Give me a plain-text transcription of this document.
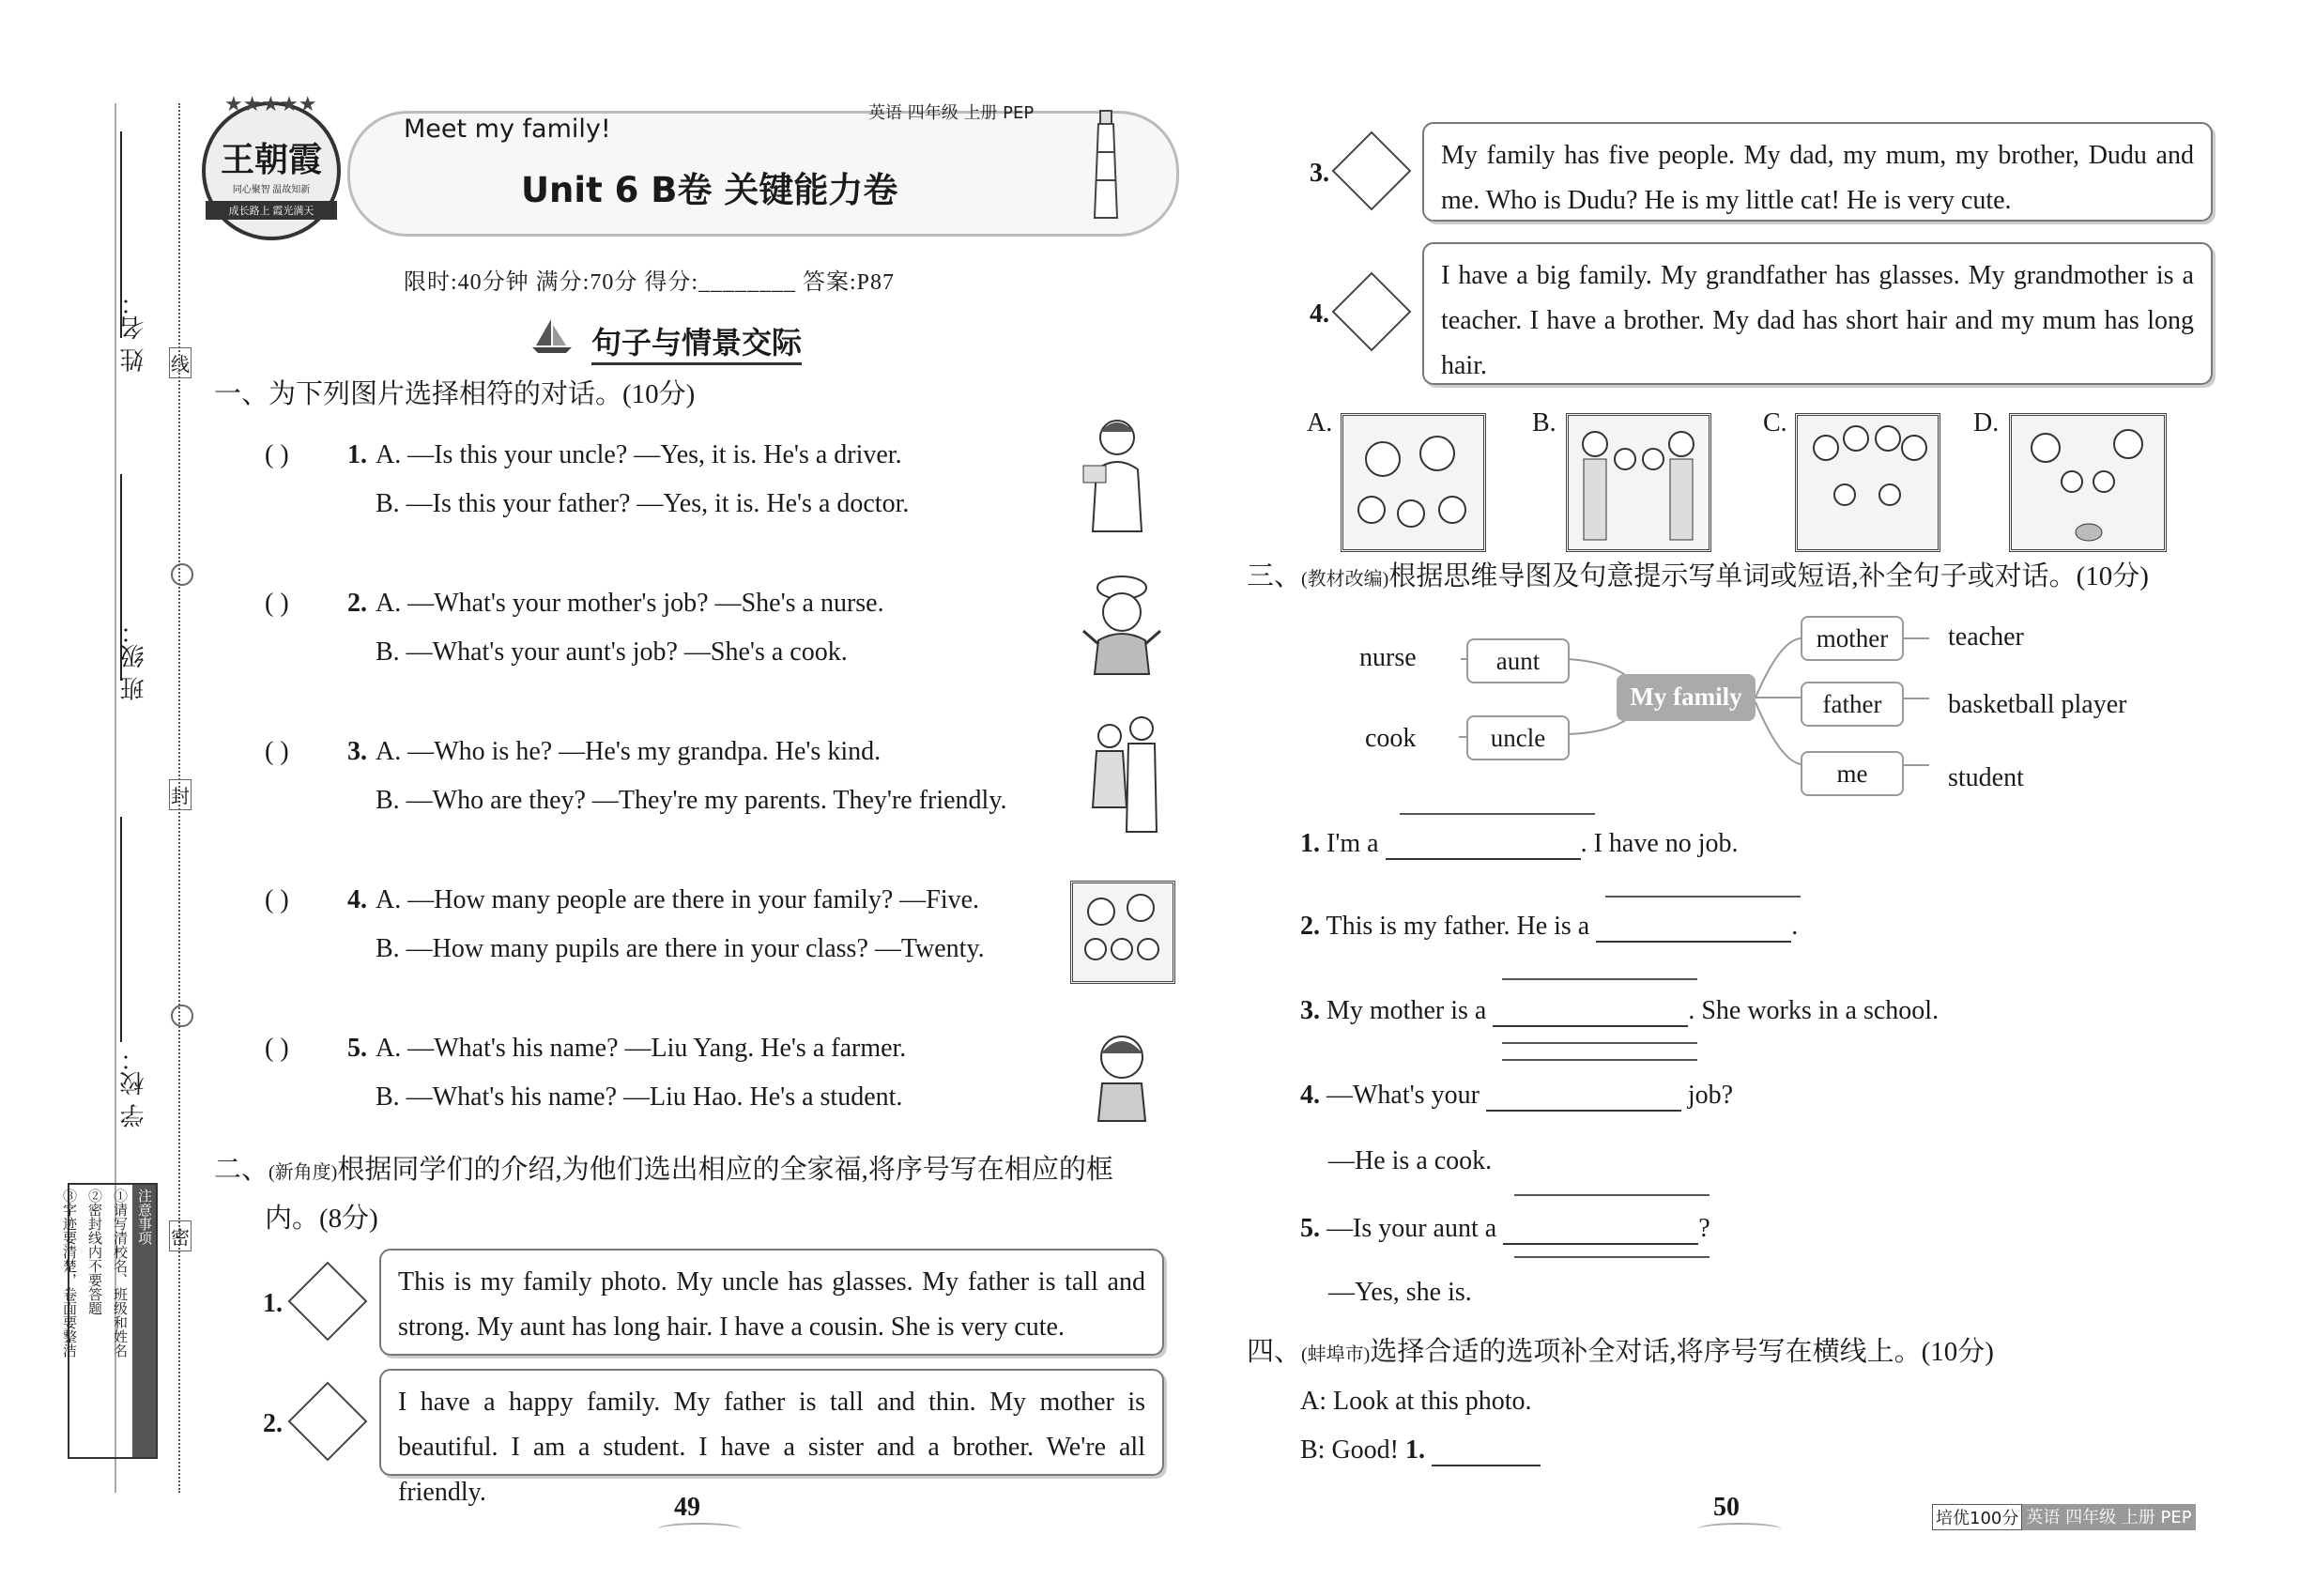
姓 名：
班 级：
学 校：
线
封
密
注意事项
①请写清校名、班级和姓名
②密封线内不要答题
③字迹要清楚，卷面要整洁
★★★★★
王朝霞
同心聚智 温故知新
成长路上 霞光满天
Meet my family!
英语 四年级 上册 PEP
Unit 6 B卷 关键能力卷
限时:40分钟 满分:70分 得分:________ 答案:P87
句子与情景交际
一、为下列图片选择相符的对话。(10分)
( ) 1. A. —Is this your uncle? —Yes, it is. He's a driver.
B. —Is this your father? —Yes, it is. He's a doctor.
( ) 2. A. —What's your mother's job? —She's a nurse.
B. —What's your aunt's job? —She's a cook.
( ) 3. A. —Who is he? —He's my grandpa. He's kind.
B. —Who are they? —They're my parents. They're friendly.
( ) 4. A. —How many people are there in your family? —Five.
B. —How many pupils are there in your class? —Twenty.
( ) 5. A. —What's his name? —Liu Yang. He's a farmer.
B. —What's his name? —Liu Hao. He's a student.
二、(新角度)根据同学们的介绍,为他们选出相应的全家福,将序号写在相应的框
内。(8分)
1.
This is my family photo. My uncle has glasses. My father is tall and strong. My aunt has long hair. I have a cousin. She is very cute.
2.
I have a happy family. My father is tall and thin. My mother is beautiful. I am a student. I have a sister and a brother. We're all friendly.
3.
My family has five people. My dad, my mum, my brother, Dudu and me. Who is Dudu? He is my little cat! He is very cute.
4.
I have a big family. My grandfather has glasses. My grandmother is a teacher. I have a brother. My dad has short hair and my mum has long hair.
A.	B.	C.	D.
三、(教材改编)根据思维导图及句意提示写单词或短语,补全句子或对话。(10分)
nurse
cook
aunt
uncle
My family
mother
father
me
teacher
basketball player
student
1. I'm a	. I have no job.
2. This is my father. He is a	.
3. My mother is a	. She works in a school.
4. —What's your	job?
—He is a cook.
5. —Is your aunt a	?
—Yes, she is.
四、(蚌埠市)选择合适的选项补全对话,将序号写在横线上。(10分)
A: Look at this photo.
B: Good! 1.
49	50	培优100分 英语 四年级 上册 PEP
